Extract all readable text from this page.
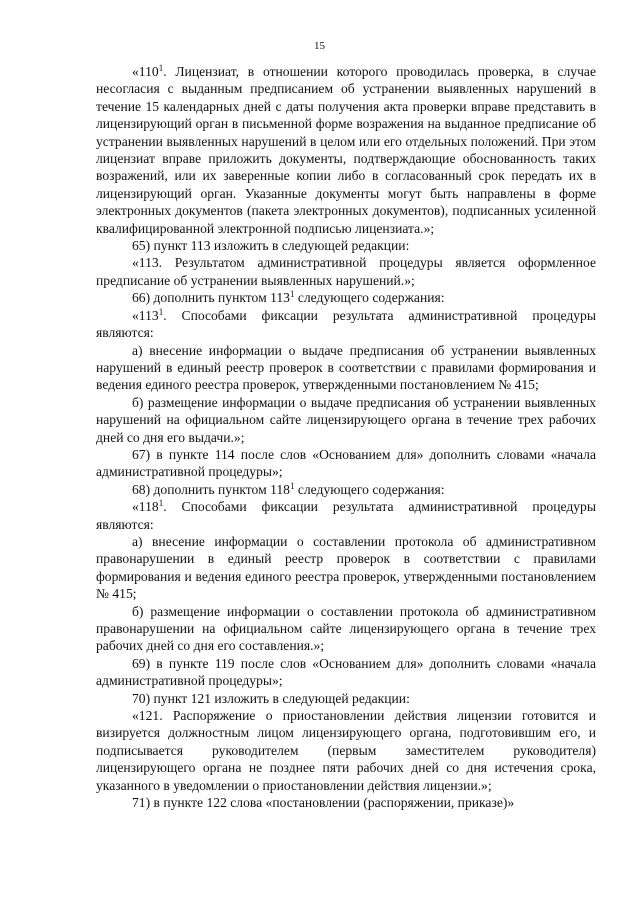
15

«$110^1$. Лицензиат, в отношении которого проводилась проверка, в случае несогласия с выданным предписанием об устранении выявленных нарушений в течение 15 календарных дней с даты получения акта проверки вправе представить в лицензирующий орган в письменной форме возражения на выданное предписание об устранении выявленных нарушений в целом или его отдельных положений. При этом лицензиат вправе приложить документы, подтверждающие обоснованность таких возражений, или их заверенные копии либо в согласованный срок передать их в лицензирующий орган. Указанные документы могут быть направлены в форме электронных документов (пакета электронных документов), подписанных усиленной квалифицированной электронной подписью лицензиата.»;

65) пункт 113 изложить в следующей редакции:

«113. Результатом административной процедуры является оформленное предписание об устранении выявленных нарушений.»;

66) дополнить пунктом $113^1$ следующего содержания:

«$113^1$. Способами фиксации результата административной процедуры являются:

а) внесение информации о выдаче предписания об устранении выявленных нарушений в единый реестр проверок в соответствии с правилами формирования и ведения единого реестра проверок, утвержденными постановлением № 415;

б) размещение информации о выдаче предписания об устранении выявленных нарушений на официальном сайте лицензирующего органа в течение трех рабочих дней со дня его выдачи.»;

67) в пункте 114 после слов «Основанием для» дополнить словами «начала административной процедуры»;

68) дополнить пунктом $118^1$ следующего содержания:

«$118^1$. Способами фиксации результата административной процедуры являются:

а) внесение информации о составлении протокола об административном правонарушении в единый реестр проверок в соответствии с правилами формирования и ведения единого реестра проверок, утвержденными постановлением № 415;

б) размещение информации о составлении протокола об административном правонарушении на официальном сайте лицензирующего органа в течение трех рабочих дней со дня его составления.»;

69) в пункте 119 после слов «Основанием для» дополнить словами «начала административной процедуры»;

70) пункт 121 изложить в следующей редакции:

«121. Распоряжение о приостановлении действия лицензии готовится и визируется должностным лицом лицензирующего органа, подготовившим его, и подписывается руководителем (первым заместителем руководителя) лицензирующего органа не позднее пяти рабочих дней со дня истечения срока, указанного в уведомлении о приостановлении действия лицензии.»;

71) в пункте 122 слова «постановлении (распоряжении, приказе)»
